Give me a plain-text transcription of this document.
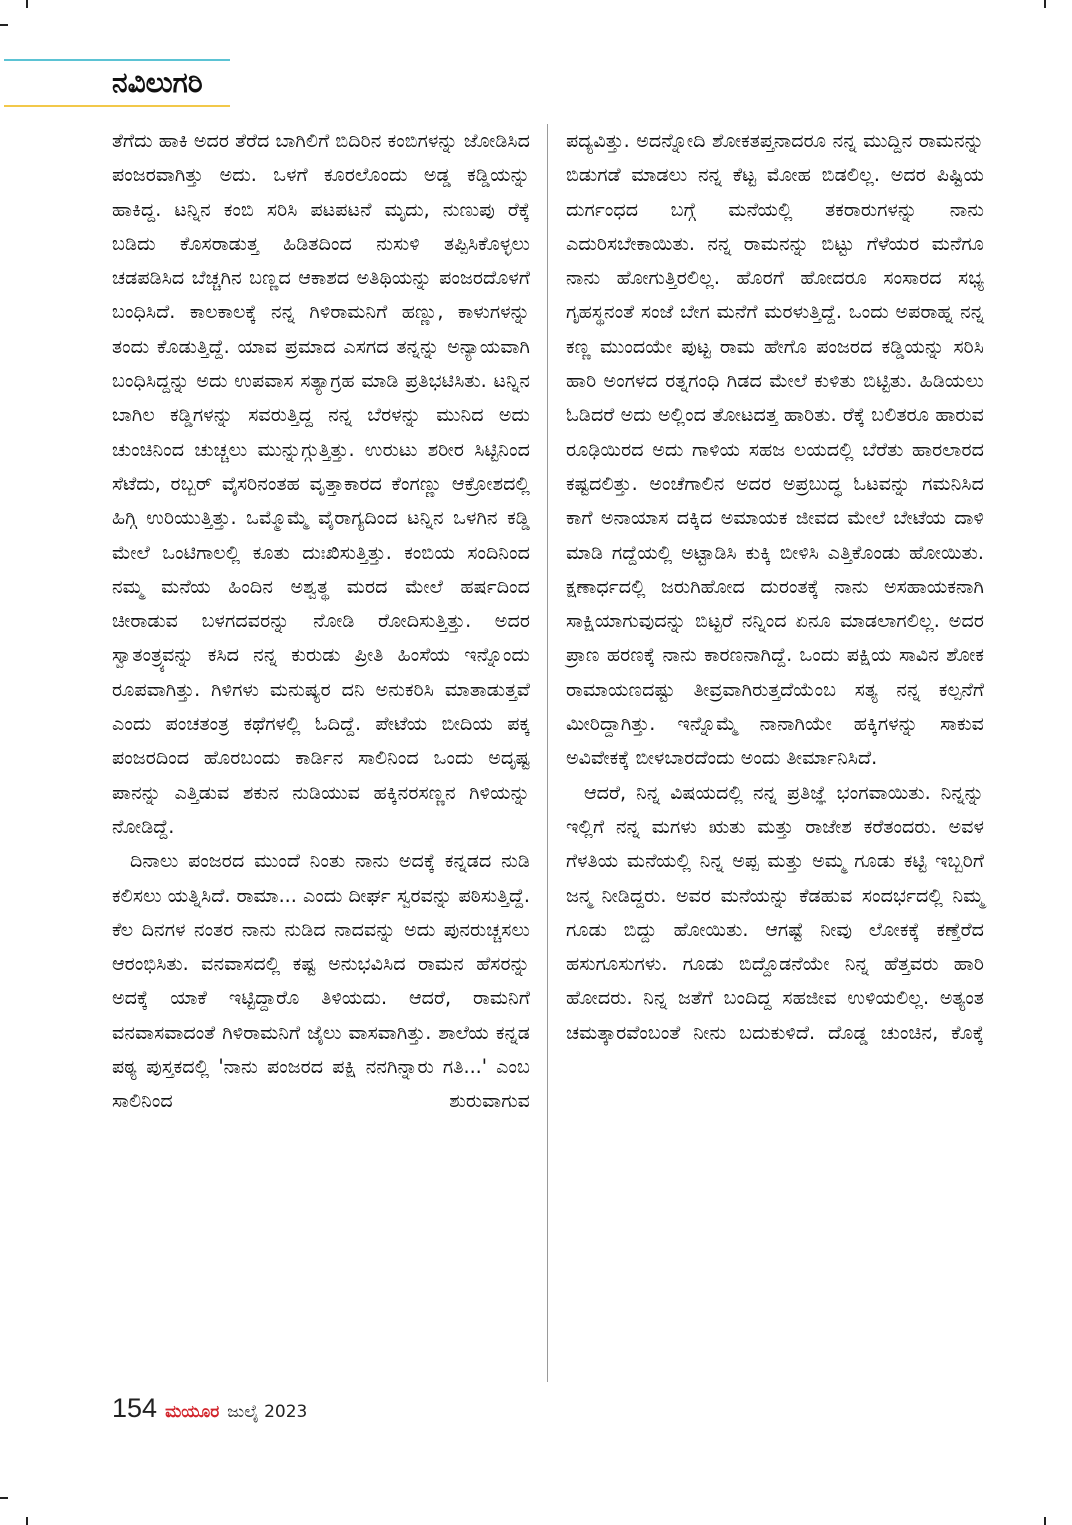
ನವಿಲುಗರಿ

ತೆಗೆದು ಹಾಕಿ ಅದರ ತೆರೆದ ಬಾಗಿಲಿಗೆ ಬಿದಿರಿನ ಕಂಬಿಗಳನ್ನು ಜೋಡಿಸಿದ ಪಂಜರವಾಗಿತ್ತು ಅದು. ಒಳಗೆ ಕೂರಲೊಂದು ಅಡ್ಡ ಕಡ್ಡಿಯನ್ನು ಹಾಕಿದ್ದ. ಟನ್ನಿನ ಕಂಬಿ ಸರಿಸಿ ಪಟಪಟನೆ ಮೃದು, ನುಣುಪು ರೆಕ್ಕೆ ಬಡಿದು ಕೊಸರಾಡುತ್ತ ಹಿಡಿತದಿಂದ ನುಸುಳಿ ತಪ್ಪಿಸಿಕೊಳ್ಳಲು ಚಡಪಡಿಸಿದ ಬೆಚ್ಚಗಿನ ಬಣ್ಣದ ಆಕಾಶದ ಅತಿಥಿಯನ್ನು ಪಂಜರದೊಳಗೆ ಬಂಧಿಸಿದೆ. ಕಾಲಕಾಲಕ್ಕೆ ನನ್ನ ಗಿಳಿರಾಮನಿಗೆ ಹಣ್ಣು, ಕಾಳುಗಳನ್ನು ತಂದು ಕೊಡುತ್ತಿದ್ದೆ. ಯಾವ ಪ್ರಮಾದ ಎಸಗದ ತನ್ನನ್ನು ಅನ್ಯಾಯವಾಗಿ ಬಂಧಿಸಿದ್ದನ್ನು ಅದು ಉಪವಾಸ ಸತ್ಯಾಗ್ರಹ ಮಾಡಿ ಪ್ರತಿಭಟಿಸಿತು. ಟನ್ನಿನ ಬಾಗಿಲ ಕಡ್ಡಿಗಳನ್ನು ಸವರುತ್ತಿದ್ದ ನನ್ನ ಬೆರಳನ್ನು ಮುನಿದ ಅದು ಚುಂಚಿನಿಂದ ಚುಚ್ಚಲು ಮುನ್ನುಗ್ಗುತ್ತಿತ್ತು. ಉರುಟು ಶರೀರ ಸಿಟ್ಟಿನಿಂದ ಸೆಟೆದು, ರಬ್ಬರ್ ವೈಸರಿನಂತಹ ವೃತ್ತಾಕಾರದ ಕೆಂಗಣ್ಣು ಆಕ್ರೋಶದಲ್ಲಿ ಹಿಗ್ಗಿ ಉರಿಯುತ್ತಿತ್ತು. ಒಮ್ಮೊಮ್ಮೆ ವೈರಾಗ್ಯದಿಂದ ಟನ್ನಿನ ಒಳಗಿನ ಕಡ್ಡಿ ಮೇಲೆ ಒಂಟಿಗಾಲಲ್ಲಿ ಕೂತು ದುಃಖಿಸುತ್ತಿತ್ತು. ಕಂಬಿಯ ಸಂದಿನಿಂದ ನಮ್ಮ ಮನೆಯ ಹಿಂದಿನ ಅಶ್ವತ್ಥ ಮರದ ಮೇಲೆ ಹರ್ಷದಿಂದ ಚೀರಾಡುವ ಬಳಗದವರನ್ನು ನೋಡಿ ರೋದಿಸುತ್ತಿತ್ತು. ಅದರ ಸ್ವಾತಂತ್ರ್ಯವನ್ನು ಕಸಿದ ನನ್ನ ಕುರುಡು ಪ್ರೀತಿ ಹಿಂಸೆಯ ಇನ್ನೊಂದು ರೂಪವಾಗಿತ್ತು. ಗಿಳಿಗಳು ಮನುಷ್ಯರ ದನಿ ಅನುಕರಿಸಿ ಮಾತಾಡುತ್ತವೆ ಎಂದು ಪಂಚತಂತ್ರ ಕಥೆಗಳಲ್ಲಿ ಓದಿದ್ದೆ. ಪೇಟೆಯ ಬೀದಿಯ ಪಕ್ಕ ಪಂಜರದಿಂದ ಹೊರಬಂದು ಕಾರ್ಡಿನ ಸಾಲಿನಿಂದ ಒಂದು ಅದೃಷ್ಟ ಪಾನನ್ನು ಎತ್ತಿಡುವ ಶಕುನ ನುಡಿಯುವ ಹಕ್ಕಿನರಸಣ್ಣನ ಗಿಳಿಯನ್ನು ನೋಡಿದ್ದೆ.

ದಿನಾಲು ಪಂಜರದ ಮುಂದೆ ನಿಂತು ನಾನು ಅದಕ್ಕೆ ಕನ್ನಡದ ನುಡಿ ಕಲಿಸಲು ಯತ್ನಿಸಿದೆ. ರಾಮಾ... ಎಂದು ದೀರ್ಘ ಸ್ವರವನ್ನು ಪಠಿಸುತ್ತಿದ್ದೆ. ಕೆಲ ದಿನಗಳ ನಂತರ ನಾನು ನುಡಿದ ನಾದವನ್ನು ಅದು ಪುನರುಚ್ಚಸಲು ಆರಂಭಿಸಿತು. ವನವಾಸದಲ್ಲಿ ಕಷ್ಟ ಅನುಭವಿಸಿದ ರಾಮನ ಹೆಸರನ್ನು ಅದಕ್ಕೆ ಯಾಕೆ ಇಟ್ಟಿದ್ದಾರೊ ತಿಳಿಯದು. ಆದರೆ, ರಾಮನಿಗೆ ವನವಾಸವಾದಂತೆ ಗಿಳಿರಾಮನಿಗೆ ಜೈಲು ವಾಸವಾಗಿತ್ತು. ಶಾಲೆಯ ಕನ್ನಡ ಪಠ್ಯ ಪುಸ್ತಕದಲ್ಲಿ 'ನಾನು ಪಂಜರದ ಪಕ್ಷಿ ನನಗಿನ್ನಾರು ಗತಿ...' ಎಂಬ ಸಾಲಿನಿಂದ ಶುರುವಾಗುವ

ಪದ್ಯವಿತ್ತು. ಅದನ್ನೋದಿ ಶೋಕತಪ್ತನಾದರೂ ನನ್ನ ಮುದ್ದಿನ ರಾಮನನ್ನು ಬಿಡುಗಡೆ ಮಾಡಲು ನನ್ನ ಕೆಟ್ಟ ಮೋಹ ಬಿಡಲಿಲ್ಲ. ಅದರ ಪಿಷ್ಟಿಯ ದುರ್ಗಂಧದ ಬಗ್ಗೆ ಮನೆಯಲ್ಲಿ ತಕರಾರುಗಳನ್ನು ನಾನು ಎದುರಿಸಬೇಕಾಯಿತು. ನನ್ನ ರಾಮನನ್ನು ಬಿಟ್ಟು ಗೆಳೆಯರ ಮನೆಗೂ ನಾನು ಹೋಗುತ್ತಿರಲಿಲ್ಲ. ಹೊರಗೆ ಹೋದರೂ ಸಂಸಾರದ ಸಭ್ಯ ಗೃಹಸ್ಥನಂತೆ ಸಂಜೆ ಬೇಗ ಮನೆಗೆ ಮರಳುತ್ತಿದ್ದೆ. ಒಂದು ಅಪರಾಹ್ನ ನನ್ನ ಕಣ್ಣ ಮುಂದಯೇ ಪುಟ್ಟ ರಾಮ ಹೇಗೊ ಪಂಜರದ ಕಡ್ಡಿಯನ್ನು ಸರಿಸಿ ಹಾರಿ ಅಂಗಳದ ರತ್ನಗಂಧಿ ಗಿಡದ ಮೇಲೆ ಕುಳಿತು ಬಿಟ್ಟಿತು. ಹಿಡಿಯಲು ಓಡಿದರೆ ಅದು ಅಲ್ಲಿಂದ ತೋಟದತ್ತ ಹಾರಿತು. ರೆಕ್ಕೆ ಬಲಿತರೂ ಹಾರುವ ರೂಢಿಯಿರದ ಅದು ಗಾಳಿಯ ಸಹಜ ಲಯದಲ್ಲಿ ಬೆರೆತು ಹಾರಲಾರದ ಕಷ್ಟದಲಿತ್ತು. ಅಂಚೆಗಾಲಿನ ಅದರ ಅಪ್ರಬುದ್ಧ ಓಟವನ್ನು ಗಮನಿಸಿದ ಕಾಗೆ ಅನಾಯಾಸ ದಕ್ಕಿದ ಅಮಾಯಕ ಜೀವದ ಮೇಲೆ ಬೇಟೆಯ ದಾಳಿ ಮಾಡಿ ಗದ್ದೆಯಲ್ಲಿ ಅಟ್ಟಾಡಿಸಿ ಕುಕ್ಕಿ ಬೀಳಿಸಿ ಎತ್ತಿಕೊಂಡು ಹೋಯಿತು. ಕ್ಷಣಾರ್ಧದಲ್ಲಿ ಜರುಗಿಹೋದ ದುರಂತಕ್ಕೆ ನಾನು ಅಸಹಾಯಕನಾಗಿ ಸಾಕ್ಷಿಯಾಗುವುದನ್ನು ಬಿಟ್ಟರೆ ನನ್ನಿಂದ ಏನೂ ಮಾಡಲಾಗಲಿಲ್ಲ. ಅದರ ಪ್ರಾಣ ಹರಣಕ್ಕೆ ನಾನು ಕಾರಣನಾಗಿದ್ದೆ. ಒಂದು ಪಕ್ಷಿಯ ಸಾವಿನ ಶೋಕ ರಾಮಾಯಣದಷ್ಟು ತೀವ್ರವಾಗಿರುತ್ತದೆಯೆಂಬ ಸತ್ಯ ನನ್ನ ಕಲ್ಪನೆಗೆ ಮೀರಿದ್ದಾಗಿತ್ತು. ಇನ್ನೊಮ್ಮೆ ನಾನಾಗಿಯೇ ಹಕ್ಕಿಗಳನ್ನು ಸಾಕುವ ಅವಿವೇಕಕ್ಕೆ ಬೀಳಬಾರದೆಂದು ಅಂದು ತೀರ್ಮಾನಿಸಿದೆ.

ಆದರೆ, ನಿನ್ನ ವಿಷಯದಲ್ಲಿ ನನ್ನ ಪ್ರತಿಜ್ಞೆ ಭಂಗವಾಯಿತು. ನಿನ್ನನ್ನು ಇಲ್ಲಿಗೆ ನನ್ನ ಮಗಳು ಋತು ಮತ್ತು ರಾಜೇಶ ಕರೆತಂದರು. ಅವಳ ಗೆಳತಿಯ ಮನೆಯಲ್ಲಿ ನಿನ್ನ ಅಪ್ಪ ಮತ್ತು ಅಮ್ಮ ಗೂಡು ಕಟ್ಟಿ ಇಬ್ಬರಿಗೆ ಜನ್ಮ ನೀಡಿದ್ದರು. ಅವರ ಮನೆಯನ್ನು ಕೆಡಹುವ ಸಂದರ್ಭದಲ್ಲಿ ನಿಮ್ಮ ಗೂಡು ಬಿದ್ದು ಹೋಯಿತು. ಆಗಷ್ಟೆ ನೀವು ಲೋಕಕ್ಕೆ ಕಣ್ತೆರೆದ ಹಸುಗೂಸುಗಳು. ಗೂಡು ಬಿದ್ದೊಡನೆಯೇ ನಿನ್ನ ಹೆತ್ತವರು ಹಾರಿ ಹೋದರು. ನಿನ್ನ ಜತೆಗೆ ಬಂದಿದ್ದ ಸಹಜೀವ ಉಳಿಯಲಿಲ್ಲ. ಅತ್ಯಂತ ಚಮತ್ಕಾರವೆಂಬಂತೆ ನೀನು ಬದುಕುಳಿದೆ. ದೊಡ್ಡ ಚುಂಚಿನ, ಕೊಕ್ಕೆ

154 ಮಯೂರ ಜುಲೈ 2023
